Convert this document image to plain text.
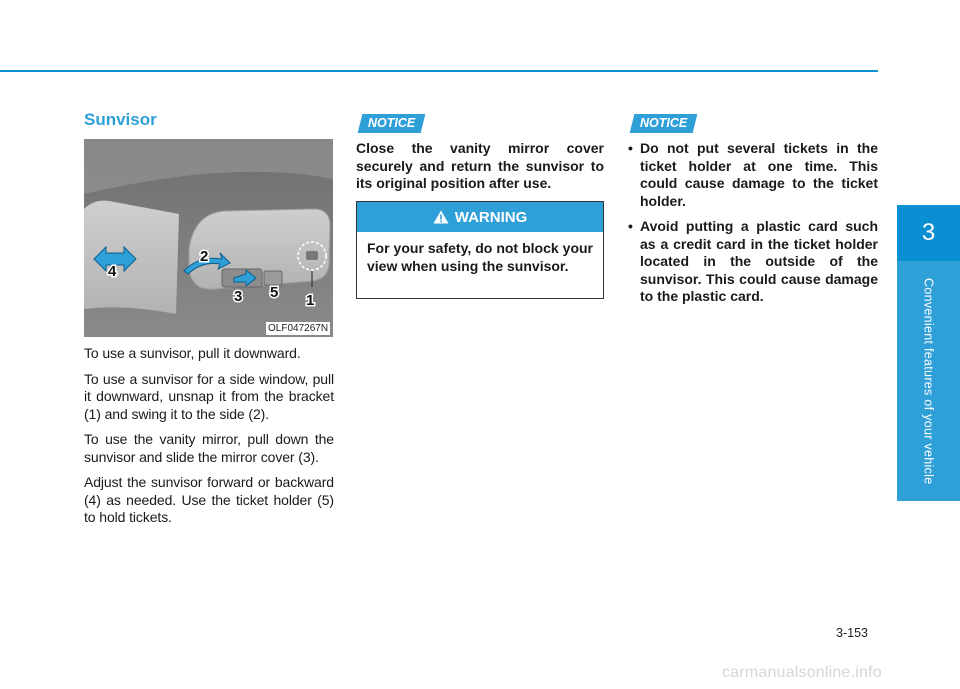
Sunvisor
1
2
3
4
5
OLF047267N

To use a sunvisor, pull it downward.

To use a sunvisor for a side window, pull it downward, unsnap it from the bracket (1) and swing it to the side (2).

To use the vanity mirror, pull down the sunvisor and slide the mirror cover (3).

Adjust the sunvisor forward or backward (4) as needed. Use the ticket holder (5) to hold tickets.

NOTICE

Close the vanity mirror cover securely and return the sunvisor to its original position after use.

WARNING
For your safety, do not block your view when using the sunvisor.
NOTICE
• Do not put several tickets in the ticket holder at one time. This could cause damage to the ticket holder.
• Avoid putting a plastic card such as a credit card in the ticket holder located in the outside of the sunvisor. This could cause damage to the plastic card.
3
Convenient features of your vehicle
3-153
carmanualsonline.info
